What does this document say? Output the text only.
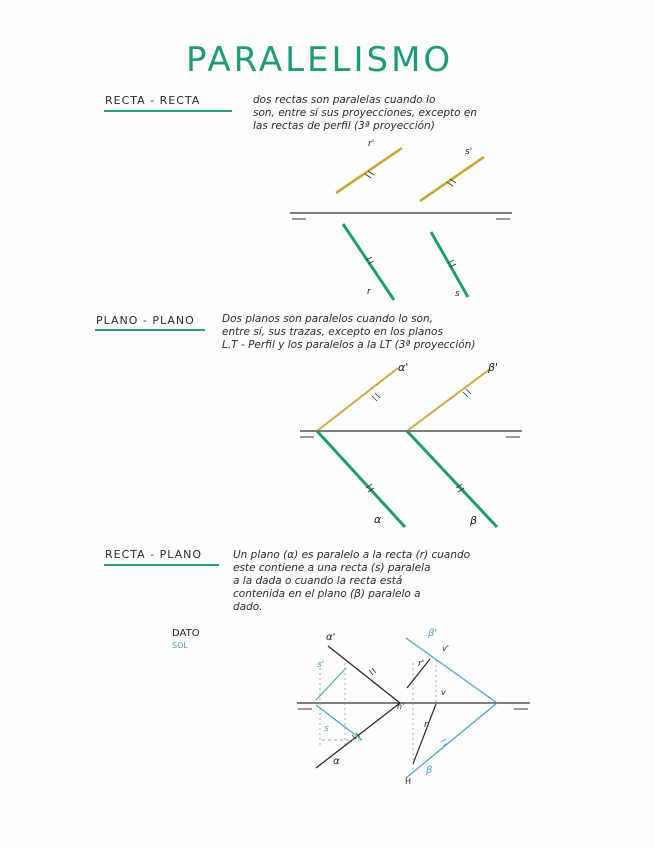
PARALELISMO
RECTA - RECTA	dos rectas son paralelas cuando lo
son, entre sí sus proyecciones, excepto en
las rectas de perfil (3ª proyección)
PLANO - PLANO	Dos planos son paralelos cuando lo son,
entre sí, sus trazas, excepto en los planos
L.T - Perfil y los paralelos a la LT (3ª proyección)
RECTA - PLANO	Un plano (α) es paralelo a la recta (r) cuando
este contiene a una recta (s) paralela
a la dada o cuando la recta está
contenida en el plano (β) paralelo a
dado.
DATO
SOL
r'
s'
r	s
α'	β'
α	β
α'
s'
s
α
h'
r'
v'
v
r
H
β'
β
